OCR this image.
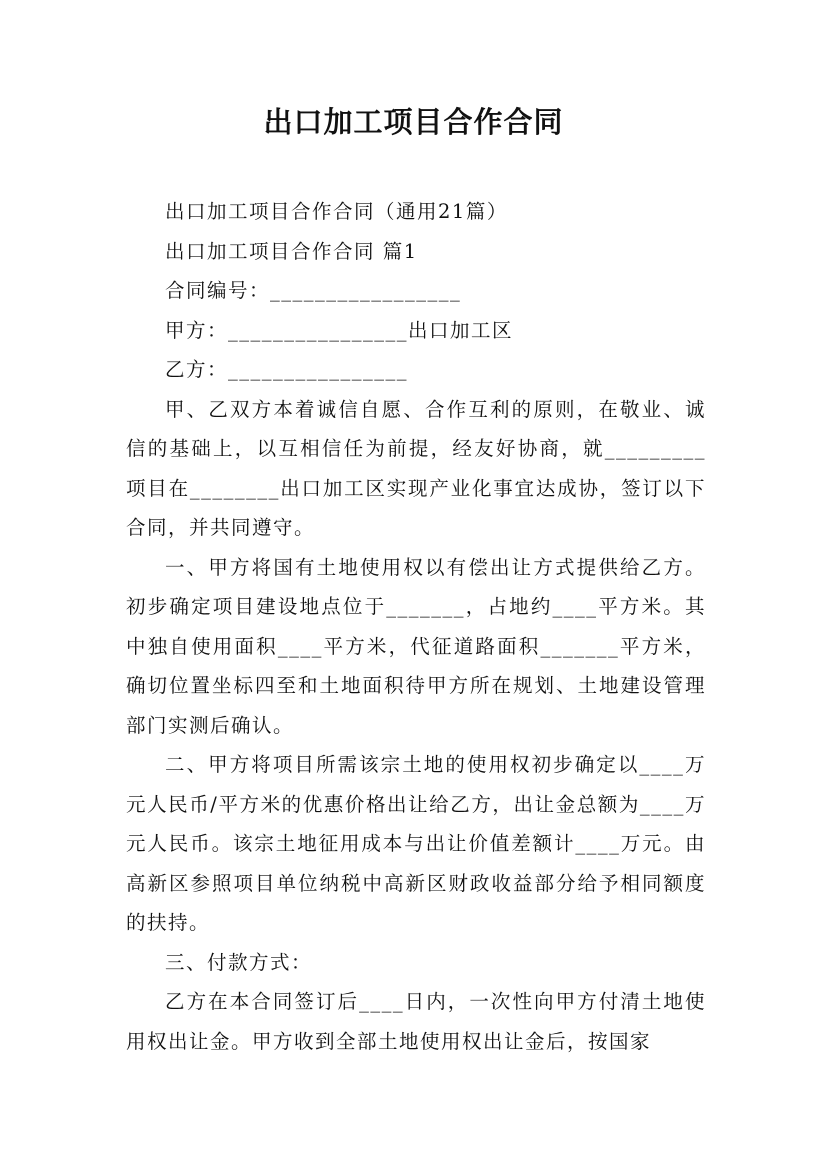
出口加工项目合作合同

出口加工项目合作合同（通用21篇）

出口加工项目合作合同 篇1

合同编号：_________________

甲方：________________出口加工区

乙方：________________

甲、乙双方本着诚信自愿、合作互利的原则，在敬业、诚信的基础上，以互相信任为前提，经友好协商，就_________项目在________出口加工区实现产业化事宜达成协，签订以下合同，并共同遵守。

一、甲方将国有土地使用权以有偿出让方式提供给乙方。初步确定项目建设地点位于_______，占地约____平方米。其中独自使用面积____平方米，代征道路面积_______平方米，确切位置坐标四至和土地面积待甲方所在规划、土地建设管理部门实测后确认。

二、甲方将项目所需该宗土地的使用权初步确定以____万元人民币/平方米的优惠价格出让给乙方，出让金总额为____万元人民币。该宗土地征用成本与出让价值差额计____万元。由高新区参照项目单位纳税中高新区财政收益部分给予相同额度的扶持。

三、付款方式：

乙方在本合同签订后____日内，一次性向甲方付清土地使用权出让金。甲方收到全部土地使用权出让金后，按国家
